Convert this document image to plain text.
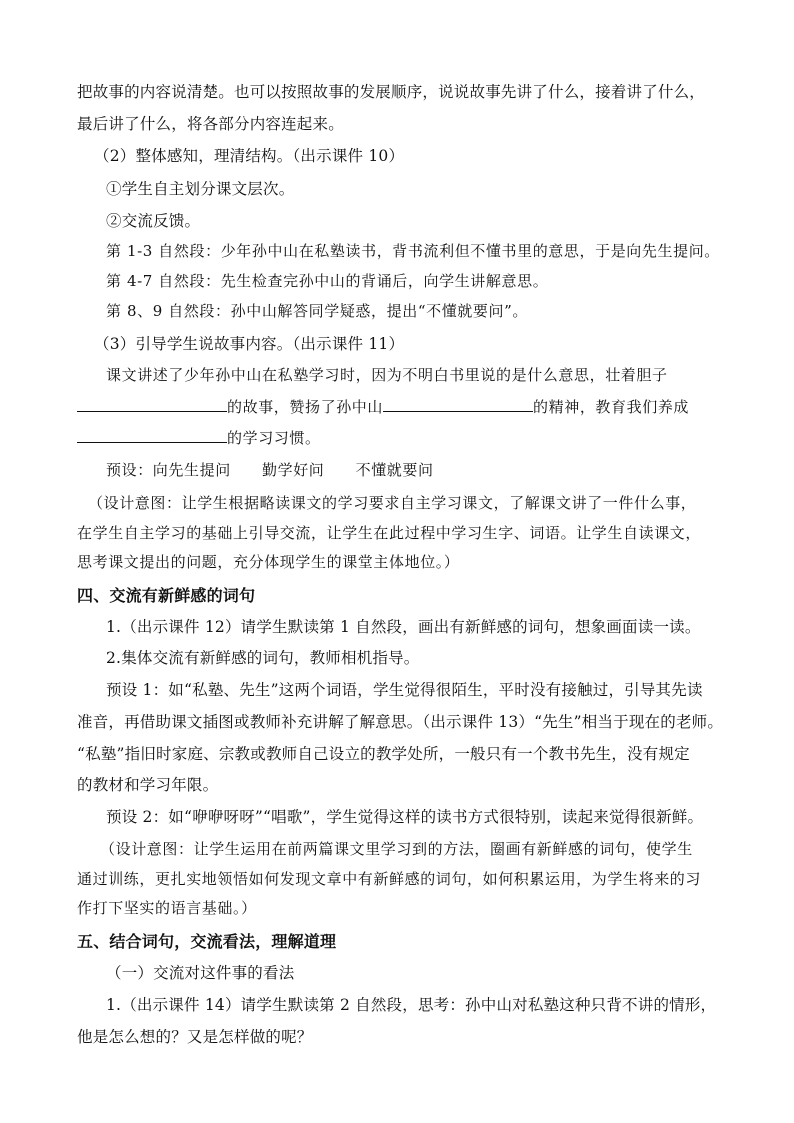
把故事的内容说清楚。也可以按照故事的发展顺序，说说故事先讲了什么，接着讲了什么，
最后讲了什么，将各部分内容连起来。
（2）整体感知，理清结构。（出示课件 10）
①学生自主划分课文层次。
②交流反馈。
第 1-3 自然段：少年孙中山在私塾读书，背书流利但不懂书里的意思，于是向先生提问。
第 4-7 自然段：先生检查完孙中山的背诵后，向学生讲解意思。
第 8、9 自然段：孙中山解答同学疑惑，提出“不懂就要问”。
（3）引导学生说故事内容。（出示课件 11）
课文讲述了少年孙中山在私塾学习时，因为不明白书里说的是什么意思，壮着胆子
的故事，赞扬了孙中山	的精神，教育我们养成
的学习习惯。
预设：向先生提问　　勤学好问　　不懂就要问
（设计意图：让学生根据略读课文的学习要求自主学习课文，了解课文讲了一件什么事，
在学生自主学习的基础上引导交流，让学生在此过程中学习生字、词语。让学生自读课文，
思考课文提出的问题，充分体现学生的课堂主体地位。）
四、交流有新鲜感的词句
1.（出示课件 12）请学生默读第 1 自然段，画出有新鲜感的词句，想象画面读一读。
2.集体交流有新鲜感的词句，教师相机指导。
预设 1：如“私塾、先生”这两个词语，学生觉得很陌生，平时没有接触过，引导其先读
准音，再借助课文插图或教师补充讲解了解意思。（出示课件 13）“先生”相当于现在的老师。
“私塾”指旧时家庭、宗教或教师自己设立的教学处所，一般只有一个教书先生，没有规定
的教材和学习年限。
预设 2：如“咿咿呀呀”“唱歌”，学生觉得这样的读书方式很特别，读起来觉得很新鲜。
（设计意图：让学生运用在前两篇课文里学习到的方法，圈画有新鲜感的词句，使学生
通过训练，更扎实地领悟如何发现文章中有新鲜感的词句，如何积累运用，为学生将来的习
作打下坚实的语言基础。）
五、结合词句，交流看法，理解道理
（一）交流对这件事的看法
1.（出示课件 14）请学生默读第 2 自然段，思考：孙中山对私塾这种只背不讲的情形，
他是怎么想的？又是怎样做的呢？
